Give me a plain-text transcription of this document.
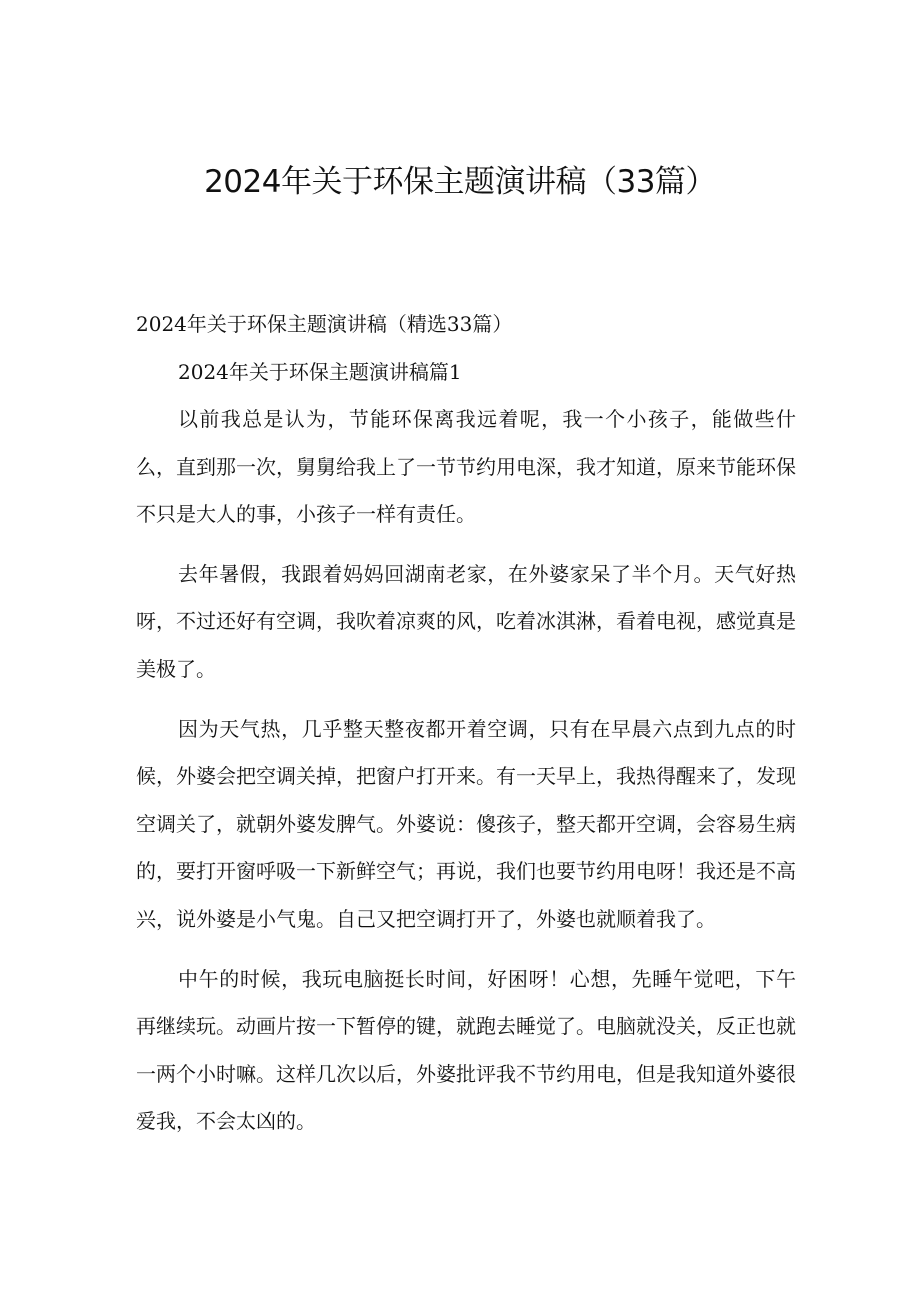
2024年关于环保主题演讲稿（33篇）

2024年关于环保主题演讲稿（精选33篇）

2024年关于环保主题演讲稿篇1

以前我总是认为，节能环保离我远着呢，我一个小孩子，能做些什么，直到那一次，舅舅给我上了一节节约用电深，我才知道，原来节能环保不只是大人的事，小孩子一样有责任。

去年暑假，我跟着妈妈回湖南老家，在外婆家呆了半个月。天气好热呀，不过还好有空调，我吹着凉爽的风，吃着冰淇淋，看着电视，感觉真是美极了。

因为天气热，几乎整天整夜都开着空调，只有在早晨六点到九点的时候，外婆会把空调关掉，把窗户打开来。有一天早上，我热得醒来了，发现空调关了，就朝外婆发脾气。外婆说：傻孩子，整天都开空调，会容易生病的，要打开窗呼吸一下新鲜空气；再说，我们也要节约用电呀！我还是不高兴，说外婆是小气鬼。自己又把空调打开了，外婆也就顺着我了。

中午的时候，我玩电脑挺长时间，好困呀！心想，先睡午觉吧，下午再继续玩。动画片按一下暂停的键，就跑去睡觉了。电脑就没关，反正也就一两个小时嘛。这样几次以后，外婆批评我不节约用电，但是我知道外婆很爱我，不会太凶的。
